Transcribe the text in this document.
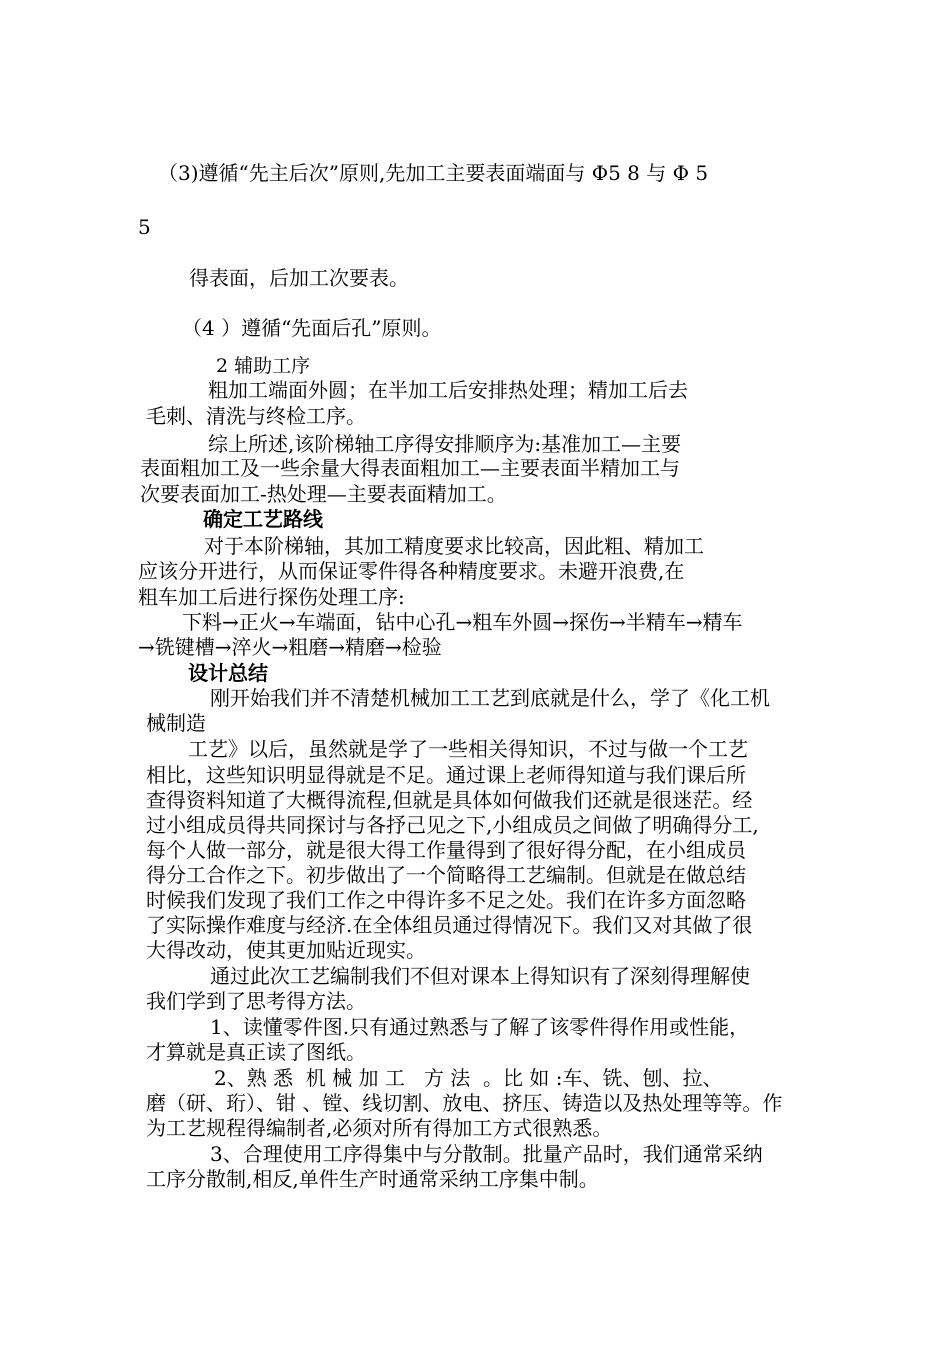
（3)遵循“先主后次”原则,先加工主要表面端面与 Φ5 8 与 Φ 5
5
得表面，后加工次要表。
（4 ）遵循“先面后孔”原则。
2 辅助工序
粗加工端面外圆；在半加工后安排热处理；精加工后去
毛刺、清洗与终检工序。
综上所述,该阶梯轴工序得安排顺序为:基准加工—主要
表面粗加工及一些余量大得表面粗加工—主要表面半精加工与
次要表面加工-热处理—主要表面精加工。
确定工艺路线
对于本阶梯轴，其加工精度要求比较高，因此粗、精加工
应该分开进行，从而保证零件得各种精度要求。未避开浪费,在
粗车加工后进行探伤处理工序:
下料→正火→车端面，钻中心孔→粗车外圆→探伤→半精车→精车
→铣键槽→淬火→粗磨→精磨→检验
设计总结
刚开始我们并不清楚机械加工工艺到底就是什么，学了《化工机
械制造
工艺》以后，虽然就是学了一些相关得知识，不过与做一个工艺
相比，这些知识明显得就是不足。通过课上老师得知道与我们课后所
查得资料知道了大概得流程,但就是具体如何做我们还就是很迷茫。经
过小组成员得共同探讨与各抒己见之下,小组成员之间做了明确得分工,
每个人做一部分，就是很大得工作量得到了很好得分配，在小组成员
得分工合作之下。初步做出了一个简略得工艺编制。但就是在做总结
时候我们发现了我们工作之中得许多不足之处。我们在许多方面忽略
了实际操作难度与经济.在全体组员通过得情况下。我们又对其做了很
大得改动，使其更加贴近现实。
通过此次工艺编制我们不但对课本上得知识有了深刻得理解使
我们学到了思考得方法。
1、读懂零件图.只有通过熟悉与了解了该零件得作用或性能，
才算就是真正读了图纸。
2、熟 悉  机 械 加 工   方 法  。比 如 :车、铣、刨、拉、
磨（研、珩）、钳 、镗、线切割、放电、挤压、铸造以及热处理等等。作
为工艺规程得编制者,必须对所有得加工方式很熟悉。
3、合理使用工序得集中与分散制。批量产品时，我们通常采纳
工序分散制,相反,单件生产时通常采纳工序集中制。
